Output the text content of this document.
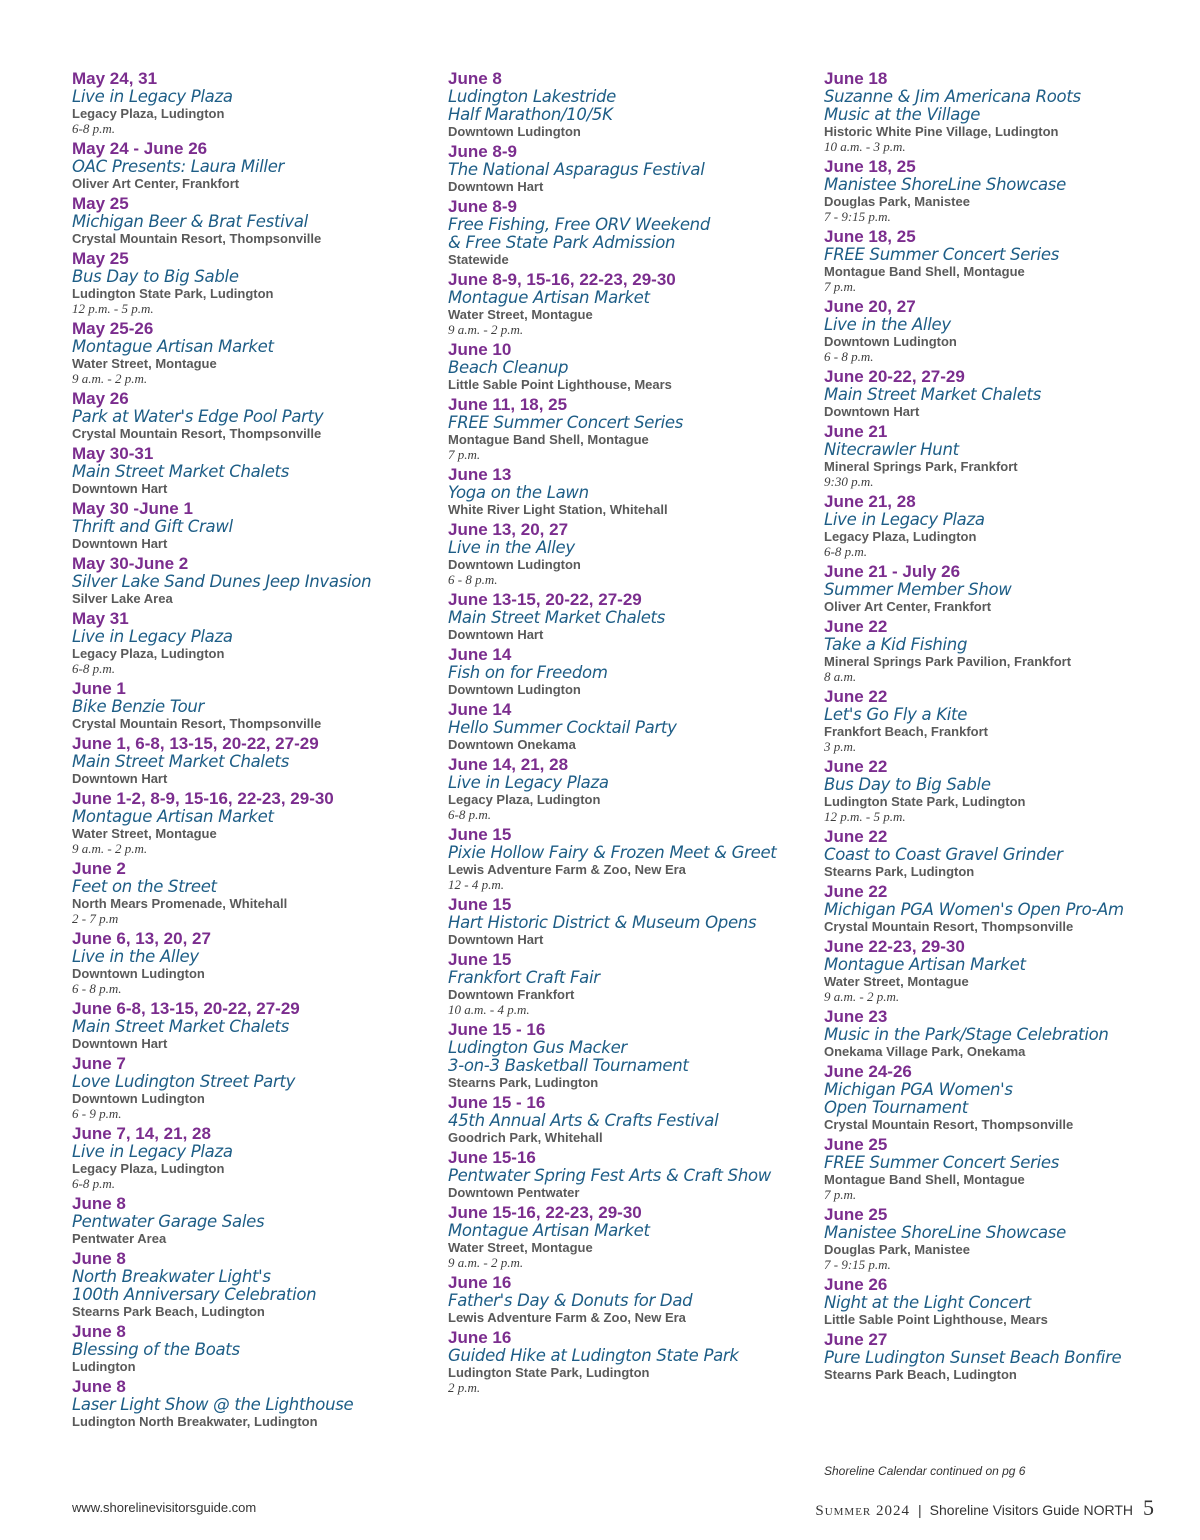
May 24, 31
Live in Legacy Plaza
Legacy Plaza, Ludington
6-8 p.m.
May 24 - June 26
OAC Presents: Laura Miller
Oliver Art Center, Frankfort
May 25
Michigan Beer & Brat Festival
Crystal Mountain Resort, Thompsonville
May 25
Bus Day to Big Sable
Ludington State Park, Ludington
12 p.m. - 5 p.m.
May 25-26
Montague Artisan Market
Water Street, Montague
9 a.m. - 2 p.m.
May 26
Park at Water's Edge Pool Party
Crystal Mountain Resort, Thompsonville
May 30-31
Main Street Market Chalets
Downtown Hart
May 30 -June 1
Thrift and Gift Crawl
Downtown Hart
May 30-June 2
Silver Lake Sand Dunes Jeep Invasion
Silver Lake Area
May 31
Live in Legacy Plaza
Legacy Plaza, Ludington
6-8 p.m.
June 1
Bike Benzie Tour
Crystal Mountain Resort, Thompsonville
June 1, 6-8, 13-15, 20-22, 27-29
Main Street Market Chalets
Downtown Hart
June 1-2, 8-9, 15-16, 22-23, 29-30
Montague Artisan Market
Water Street, Montague
9 a.m. - 2 p.m.
June 2
Feet on the Street
North Mears Promenade, Whitehall
2 - 7 p.m
June 6, 13, 20, 27
Live in the Alley
Downtown Ludington
6 - 8 p.m.
June 6-8, 13-15, 20-22, 27-29
Main Street Market Chalets
Downtown Hart
June 7
Love Ludington Street Party
Downtown Ludington
6 - 9 p.m.
June 7, 14, 21, 28
Live in Legacy Plaza
Legacy Plaza, Ludington
6-8 p.m.
June 8
Pentwater Garage Sales
Pentwater Area
June 8
North Breakwater Light's
100th Anniversary Celebration
Stearns Park Beach, Ludington
June 8
Blessing of the Boats
Ludington
June 8
Laser Light Show @ the Lighthouse
Ludington North Breakwater, Ludington
June 8
Ludington Lakestride
Half Marathon/10/5K
Downtown Ludington
June 8-9
The National Asparagus Festival
Downtown Hart
June 8-9
Free Fishing, Free ORV Weekend
& Free State Park Admission
Statewide
June 8-9, 15-16, 22-23, 29-30
Montague Artisan Market
Water Street, Montague
9 a.m. - 2 p.m.
June 10
Beach Cleanup
Little Sable Point Lighthouse, Mears
June 11, 18, 25
FREE Summer Concert Series
Montague Band Shell, Montague
7 p.m.
June 13
Yoga on the Lawn
White River Light Station, Whitehall
June 13, 20, 27
Live in the Alley
Downtown Ludington
6 - 8 p.m.
June 13-15, 20-22, 27-29
Main Street Market Chalets
Downtown Hart
June 14
Fish on for Freedom
Downtown Ludington
June 14
Hello Summer Cocktail Party
Downtown Onekama
June 14, 21, 28
Live in Legacy Plaza
Legacy Plaza, Ludington
6-8 p.m.
June 15
Pixie Hollow Fairy & Frozen Meet & Greet
Lewis Adventure Farm & Zoo, New Era
12 - 4 p.m.
June 15
Hart Historic District & Museum Opens
Downtown Hart
June 15
Frankfort Craft Fair
Downtown Frankfort
10 a.m. - 4 p.m.
June 15 - 16
Ludington Gus Macker
3-on-3 Basketball Tournament
Stearns Park, Ludington
June 15 - 16
45th Annual Arts & Crafts Festival
Goodrich Park, Whitehall
June 15-16
Pentwater Spring Fest Arts & Craft Show
Downtown Pentwater
June 15-16, 22-23, 29-30
Montague Artisan Market
Water Street, Montague
9 a.m. - 2 p.m.
June 16
Father's Day & Donuts for Dad
Lewis Adventure Farm & Zoo, New Era
June 16
Guided Hike at Ludington State Park
Ludington State Park, Ludington
2 p.m.
June 18
Suzanne & Jim Americana Roots
Music at the Village
Historic White Pine Village, Ludington
10 a.m. - 3 p.m.
June 18, 25
Manistee ShoreLine Showcase
Douglas Park, Manistee
7 - 9:15 p.m.
June 18, 25
FREE Summer Concert Series
Montague Band Shell, Montague
7 p.m.
June 20, 27
Live in the Alley
Downtown Ludington
6 - 8 p.m.
June 20-22, 27-29
Main Street Market Chalets
Downtown Hart
June 21
Nitecrawler Hunt
Mineral Springs Park, Frankfort
9:30 p.m.
June 21, 28
Live in Legacy Plaza
Legacy Plaza, Ludington
6-8 p.m.
June 21 - July 26
Summer Member Show
Oliver Art Center, Frankfort
June 22
Take a Kid Fishing
Mineral Springs Park Pavilion, Frankfort
8 a.m.
June 22
Let's Go Fly a Kite
Frankfort Beach, Frankfort
3 p.m.
June 22
Bus Day to Big Sable
Ludington State Park, Ludington
12 p.m. - 5 p.m.
June 22
Coast to Coast Gravel Grinder
Stearns Park, Ludington
June 22
Michigan PGA Women's Open Pro-Am
Crystal Mountain Resort, Thompsonville
June 22-23, 29-30
Montague Artisan Market
Water Street, Montague
9 a.m. - 2 p.m.
June 23
Music in the Park/Stage Celebration
Onekama Village Park, Onekama
June 24-26
Michigan PGA Women's
Open Tournament
Crystal Mountain Resort, Thompsonville
June 25
FREE Summer Concert Series
Montague Band Shell, Montague
7 p.m.
June 25
Manistee ShoreLine Showcase
Douglas Park, Manistee
7 - 9:15 p.m.
June 26
Night at the Light Concert
Little Sable Point Lighthouse, Mears
June 27
Pure Ludington Sunset Beach Bonfire
Stearns Park Beach, Ludington
Shoreline Calendar continued on pg 6
www.shorelinevisitorsguide.com	Summer 2024 | Shoreline Visitors Guide NORTH 5
